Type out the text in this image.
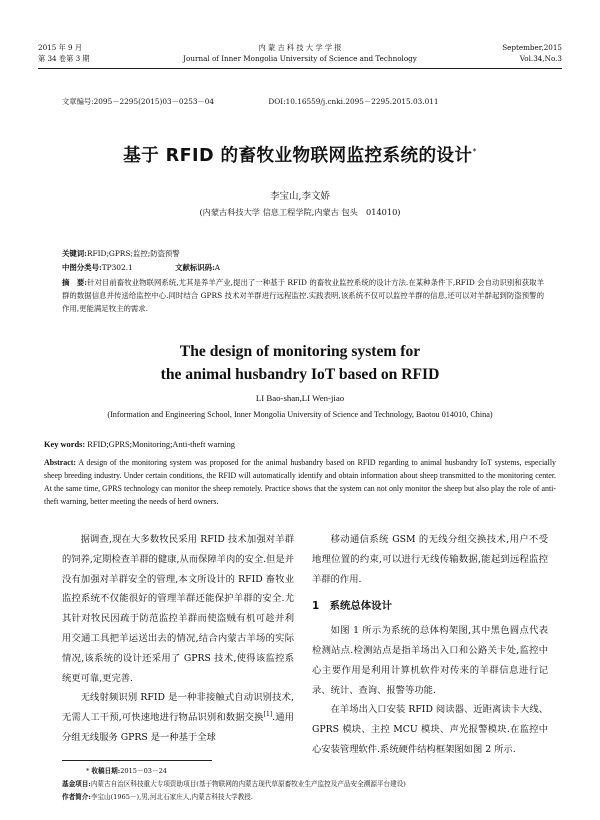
2015 年 9 月
第 34 卷第 3 期
内 蒙 古 科 技 大 学 学 报
Journal of Inner Mongolia University of Science and Technology
September,2015
Vol.34,No.3
文章编号:2095－2295(2015)03－0253－04	DOI:10.16559/j.cnki.2095－2295.2015.03.011
基于 RFID 的畜牧业物联网监控系统的设计*
李宝山,李文娇
(内蒙古科技大学 信息工程学院,内蒙古 包头　014010)
关键词:RFID;GPRS;监控;防盗预警
中图分类号:TP302.1	文献标识码:A
摘　要:针对目前畜牧业物联网系统,尤其是养羊产业,提出了一种基于 RFID 的畜牧业监控系统的设计方法.在某种条件下,RFID 会自动识别和获取羊群的数据信息并传送给监控中心.同时结合 GPRS 技术对羊群进行远程监控.实践表明,该系统不仅可以监控羊群的信息,还可以对羊群起到防盗预警的作用,更能满足牧主的需求.
The design of monitoring system for
the animal husbandry IoT based on RFID
LI Bao-shan,LI Wen-jiao
(Information and Engineering School, Inner Mongolia University of Science and Technology, Baotou 014010, China)
Key words: RFID;GPRS;Monitoring;Anti-theft warning
Abstract: A design of the monitoring system was proposed for the animal husbandry based on RFID regarding to animal husbandry IoT systems, especially sheep breeding industry. Under certain conditions, the RFID will automatically identify and obtain information about sheep transmitted to the monitoring center. At the same time, GPRS technology can monitor the sheep remotely. Practice shows that the system can not only monitor the sheep but also play the role of anti-theft warning, better meeting the needs of herd owners.

据调查,现在大多数牧民采用 RFID 技术加强对羊群的饲养,定期检查羊群的健康,从而保障羊肉的安全.但是并没有加强对羊群安全的管理,本文所设计的 RFID 畜牧业监控系统不仅能很好的管理羊群还能保护羊群的安全.尤其针对牧民因疏于防范监控羊群而使盗贼有机可趁并利用交通工具把羊运送出去的情况,结合内蒙古羊场的实际情况,该系统的设计还采用了 GPRS 技术,使得该监控系统更可靠,更完善.

无线射频识别 RFID 是一种非接触式自动识别技术,无需人工干预,可快速地进行物品识别和数据交换[1].通用分组无线服务 GPRS 是一种基于全球

移动通信系统 GSM 的无线分组交换技术,用户不受地理位置的约束,可以进行无线传输数据,能起到远程监控羊群的作用.

1　系统总体设计

如图 1 所示为系统的总体构架图,其中黑色圆点代表检测站点.检测站点是指羊场出入口和公路关卡处,监控中心主要作用是利用计算机软件对传来的羊群信息进行记录、统计、查询、报警等功能.

在羊场出入口安装 RFID 阅读器、近距离读卡大线、GPRS 模块、主控 MCU 模块、声光报警模块.在监控中心安装管理软件.系统硬件结构框架图如图 2 所示.

* 收稿日期:2015－03－24
基金项目:内蒙古自治区科技重大专项资助项目(基于物联网的内蒙古现代草原畜牧业生产监控及产品安全溯源平台建设)
作者简介:李宝山(1965－),男,河北石家庄人,内蒙古科技大学教授.
